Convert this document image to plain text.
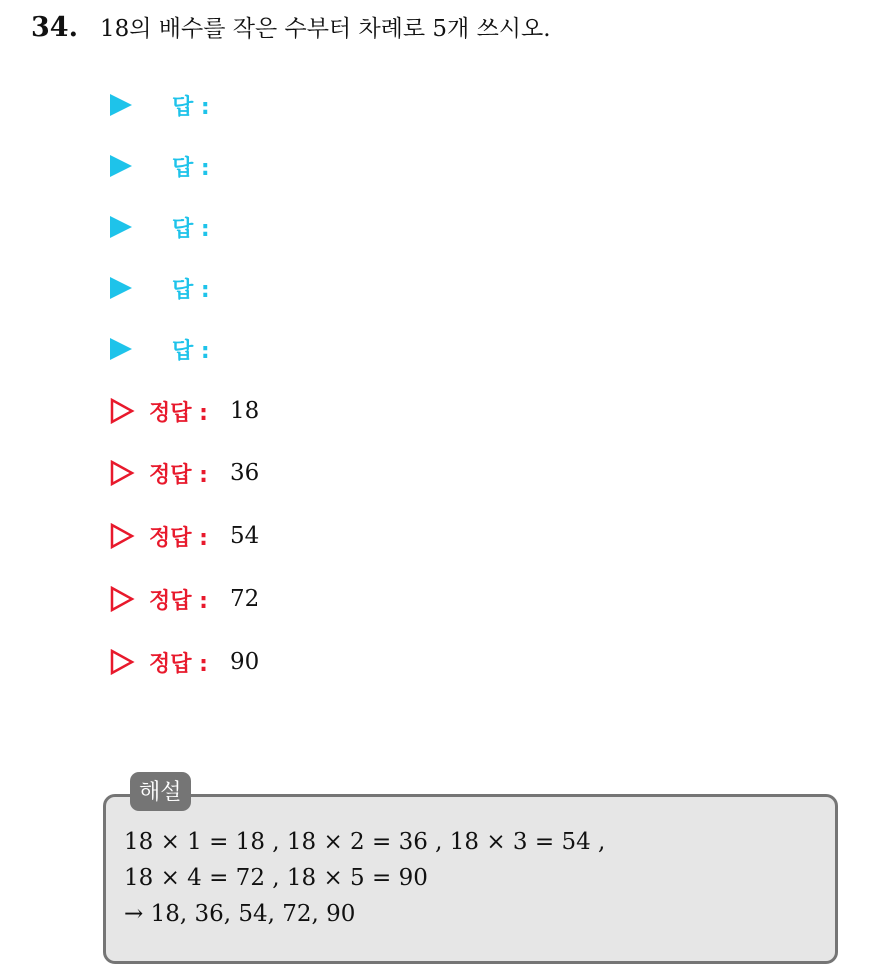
34. 18의 배수를 작은 수부터 차례로 5개 쓰시오.
답 :
답 :
답 :
답 :
답 :
정답 : 18
정답 : 36
정답 : 54
정답 : 72
정답 : 90
해설
18 × 1 = 18 , 18 × 2 = 36 , 18 × 3 = 54 ,
18 × 4 = 72 , 18 × 5 = 90
→ 18, 36, 54, 72, 90
